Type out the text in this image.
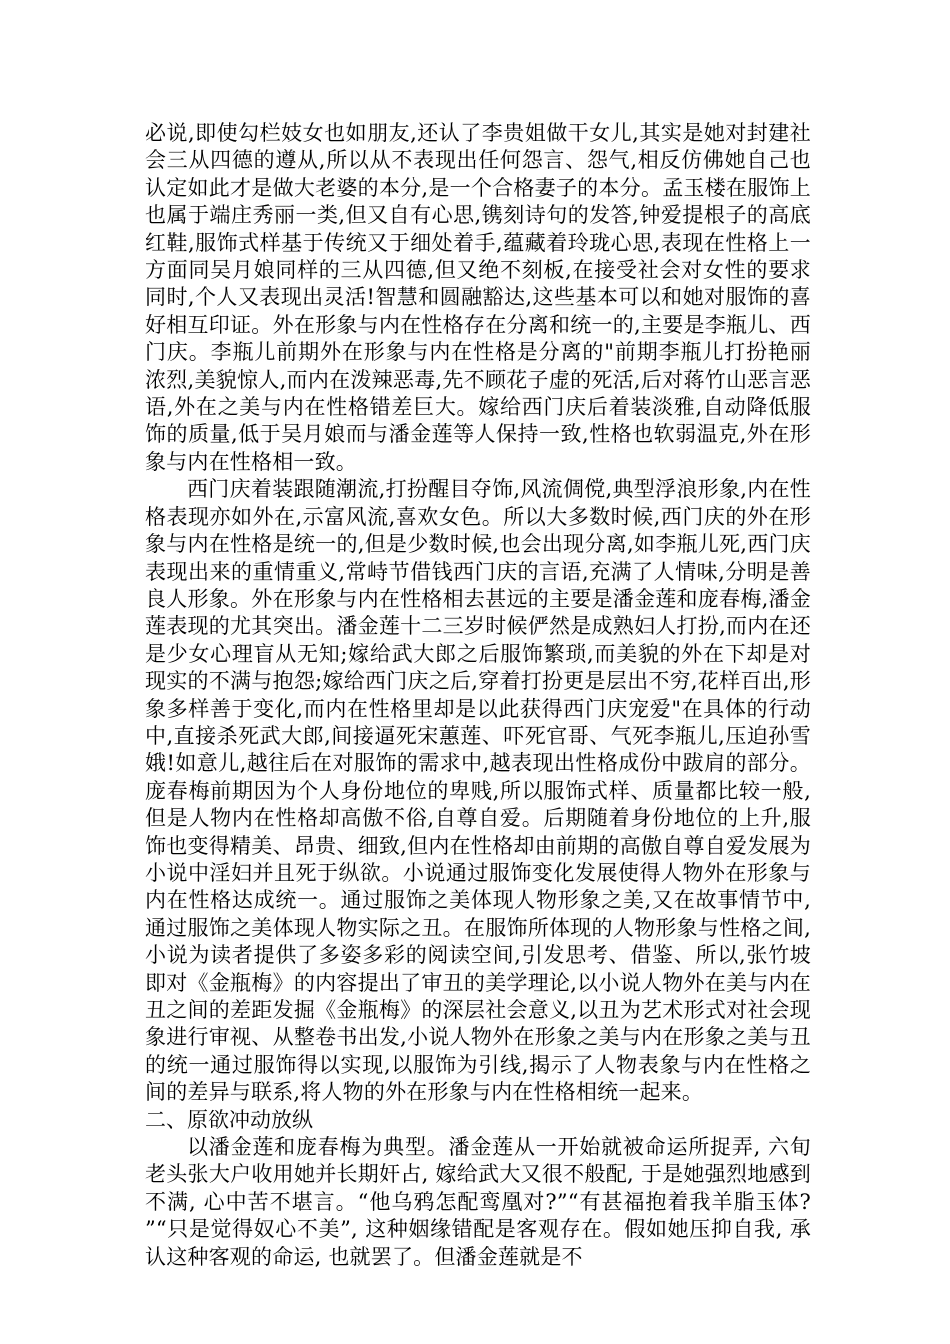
必说,即使勾栏妓女也如朋友,还认了李贵姐做干女儿,其实是她对封建社会三从四德的遵从,所以从不表现出任何怨言、怨气,相反仿佛她自己也认定如此才是做大老婆的本分,是一个合格妻子的本分。孟玉楼在服饰上也属于端庄秀丽一类,但又自有心思,镌刻诗句的发答,钟爱提根子的高底红鞋,服饰式样基于传统又于细处着手,蕴藏着玲珑心思,表现在性格上一方面同吴月娘同样的三从四德,但又绝不刻板,在接受社会对女性的要求同时,个人又表现出灵活!智慧和圆融豁达,这些基本可以和她对服饰的喜好相互印证。外在形象与内在性格存在分离和统一的,主要是李瓶儿、西门庆。李瓶儿前期外在形象与内在性格是分离的"前期李瓶儿打扮艳丽浓烈,美貌惊人,而内在泼辣恶毒,先不顾花子虚的死活,后对蒋竹山恶言恶语,外在之美与内在性格错差巨大。嫁给西门庆后着装淡雅,自动降低服饰的质量,低于吴月娘而与潘金莲等人保持一致,性格也软弱温克,外在形象与内在性格相一致。

西门庆着装跟随潮流,打扮醒目夺饰,风流倜傥,典型浮浪形象,内在性格表现亦如外在,示富风流,喜欢女色。所以大多数时候,西门庆的外在形象与内在性格是统一的,但是少数时候,也会出现分离,如李瓶儿死,西门庆表现出来的重情重义,常峙节借钱西门庆的言语,充满了人情味,分明是善良人形象。外在形象与内在性格相去甚远的主要是潘金莲和庞春梅,潘金莲表现的尤其突出。潘金莲十二三岁时候俨然是成熟妇人打扮,而内在还是少女心理盲从无知;嫁给武大郎之后服饰繁琐,而美貌的外在下却是对现实的不满与抱怨;嫁给西门庆之后,穿着打扮更是层出不穷,花样百出,形象多样善于变化,而内在性格里却是以此获得西门庆宠爱"在具体的行动中,直接杀死武大郎,间接逼死宋蕙莲、吓死官哥、气死李瓶儿,压迫孙雪娥!如意儿,越往后在对服饰的需求中,越表现出性格成份中跋肩的部分。庞春梅前期因为个人身份地位的卑贱,所以服饰式样、质量都比较一般,但是人物内在性格却高傲不俗,自尊自爱。后期随着身份地位的上升,服饰也变得精美、昂贵、细致,但内在性格却由前期的高傲自尊自爱发展为小说中淫妇并且死于纵欲。小说通过服饰变化发展使得人物外在形象与内在性格达成统一。通过服饰之美体现人物形象之美,又在故事情节中,通过服饰之美体现人物实际之丑。在服饰所体现的人物形象与性格之间,小说为读者提供了多姿多彩的阅读空间,引发思考、借鉴、所以,张竹坡即对《金瓶梅》的内容提出了审丑的美学理论,以小说人物外在美与内在丑之间的差距发掘《金瓶梅》的深层社会意义,以丑为艺术形式对社会现象进行审视、从整卷书出发,小说人物外在形象之美与内在形象之美与丑的统一通过服饰得以实现,以服饰为引线,揭示了人物表象与内在性格之间的差异与联系,将人物的外在形象与内在性格相统一起来。

二、原欲冲动放纵

以潘金莲和庞春梅为典型。潘金莲从一开始就被命运所捉弄, 六旬老头张大户收用她并长期奸占, 嫁给武大又很不般配, 于是她强烈地感到不满, 心中苦不堪言。“他乌鸦怎配鸾凰对?”“有甚福抱着我羊脂玉体? ”“只是觉得奴心不美”, 这种姻缘错配是客观存在。假如她压抑自我, 承认这种客观的命运, 也就罢了。但潘金莲就是不
